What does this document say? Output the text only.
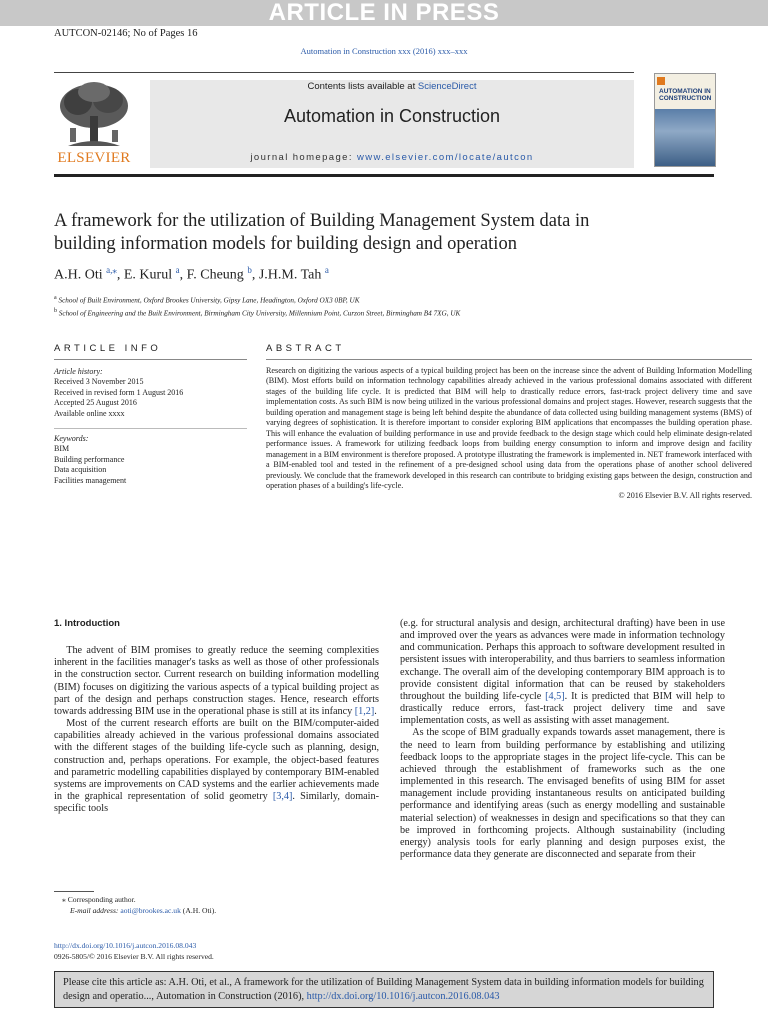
ARTICLE IN PRESS
AUTCON-02146; No of Pages 16
Automation in Construction xxx (2016) xxx–xxx
ELSEVIER
Contents lists available at ScienceDirect
Automation in Construction
journal homepage: www.elsevier.com/locate/autcon
AUTOMATION IN
CONSTRUCTION
A framework for the utilization of Building Management System data in
building information models for building design and operation
A.H. Oti $^{a,⁎}$, E. Kurul $^a$, F. Cheung $^b$, J.H.M. Tah $^a$
$^a$ School of Built Environment, Oxford Brookes University, Gipsy Lane, Headington, Oxford OX3 0BP, UK
$^b$ School of Engineering and the Built Environment, Birmingham City University, Millennium Point, Curzon Street, Birmingham B4 7XG, UK
ARTICLE INFO
Article history:
Received 3 November 2015
Received in revised form 1 August 2016
Accepted 25 August 2016
Available online xxxx
Keywords:
BIM
Building performance
Data acquisition
Facilities management
ABSTRACT
Research on digitizing the various aspects of a typical building project has been on the increase since the advent of Building Information Modelling (BIM). Most efforts build on information technology capabilities already achieved in the various professional domains associated with different stages of the building life cycle. It is predicted that BIM will help to drastically reduce errors, fast-track project delivery time and save implementation costs. As such BIM is now being utilized in the various professional domains and project stages. However, research suggests that the building operation and management stage is being left behind despite the abundance of data collected using building management systems (BMS) of varying degrees of sophistication. It is therefore important to consider exploring BIM applications that encompasses the building operation phase. This will enhance the evaluation of building performance in use and provide feedback to the design stage which could help eliminate design-related performance issues. A framework for utilizing feedback loops from building energy consumption to inform and improve design and facility management in a BIM environment is therefore proposed. A prototype illustrating the framework is implemented in. NET framework interfaced with a BIM-enabled tool and tested in the refinement of a pre-designed school using data from the operations phase of another school delivered previously. We conclude that the framework developed in this research can contribute to bridging existing gaps between the design, construction and operation phases of a building's life-cycle.
© 2016 Elsevier B.V. All rights reserved.
1. Introduction

The advent of BIM promises to greatly reduce the seeming complexities inherent in the facilities manager's tasks as well as those of other professionals in the construction sector. Current research on building information modelling (BIM) focuses on digitizing the various aspects of a typical building project as part of the design and perhaps construction stages. Hence, research efforts towards addressing BIM use in the operational phase is still at its infancy [1,2].

Most of the current research efforts are built on the BIM/computer-aided capabilities already achieved in the various professional domains associated with the different stages of the building life-cycle such as planning, design, construction and, perhaps operations. For example, the object-based features and parametric modelling capabilities displayed by contemporary BIM-enabled systems are improvements on CAD systems and the earlier achievements made in the graphical representation of solid geometry [3,4]. Similarly, domain-specific tools

(e.g. for structural analysis and design, architectural drafting) have been in use and improved over the years as advances were made in information technology and communication. Perhaps this approach to software development resulted in persistent issues with interoperability, and thus barriers to seamless information exchange. The overall aim of the developing contemporary BIM approach is to provide consistent digital information that can be reused by stakeholders throughout the building life-cycle [4,5]. It is predicted that BIM will help to drastically reduce errors, fast-track project delivery time and save implementation costs, as well as assisting with asset management.

As the scope of BIM gradually expands towards asset management, there is the need to learn from building performance by establishing and utilizing feedback loops to the appropriate stages in the project life-cycle. This can be achieved through the establishment of frameworks such as the one implemented in this research. The envisaged benefits of using BIM for asset management include providing instantaneous results on anticipated building performance and identifying areas (such as energy modelling and sustainable material selection) of weaknesses in design and specifications so that they can be improved in forthcoming projects. Although sustainability (including energy) analysis tools for early planning and design purposes exist, the performance data they generate are disconnected and separate from their

⁎ Corresponding author.
E-mail address: aoti@brookes.ac.uk (A.H. Oti).
http://dx.doi.org/10.1016/j.autcon.2016.08.043
0926-5805/© 2016 Elsevier B.V. All rights reserved.
Please cite this article as: A.H. Oti, et al., A framework for the utilization of Building Management System data in building information models for building design and operatio..., Automation in Construction (2016), http://dx.doi.org/10.1016/j.autcon.2016.08.043
